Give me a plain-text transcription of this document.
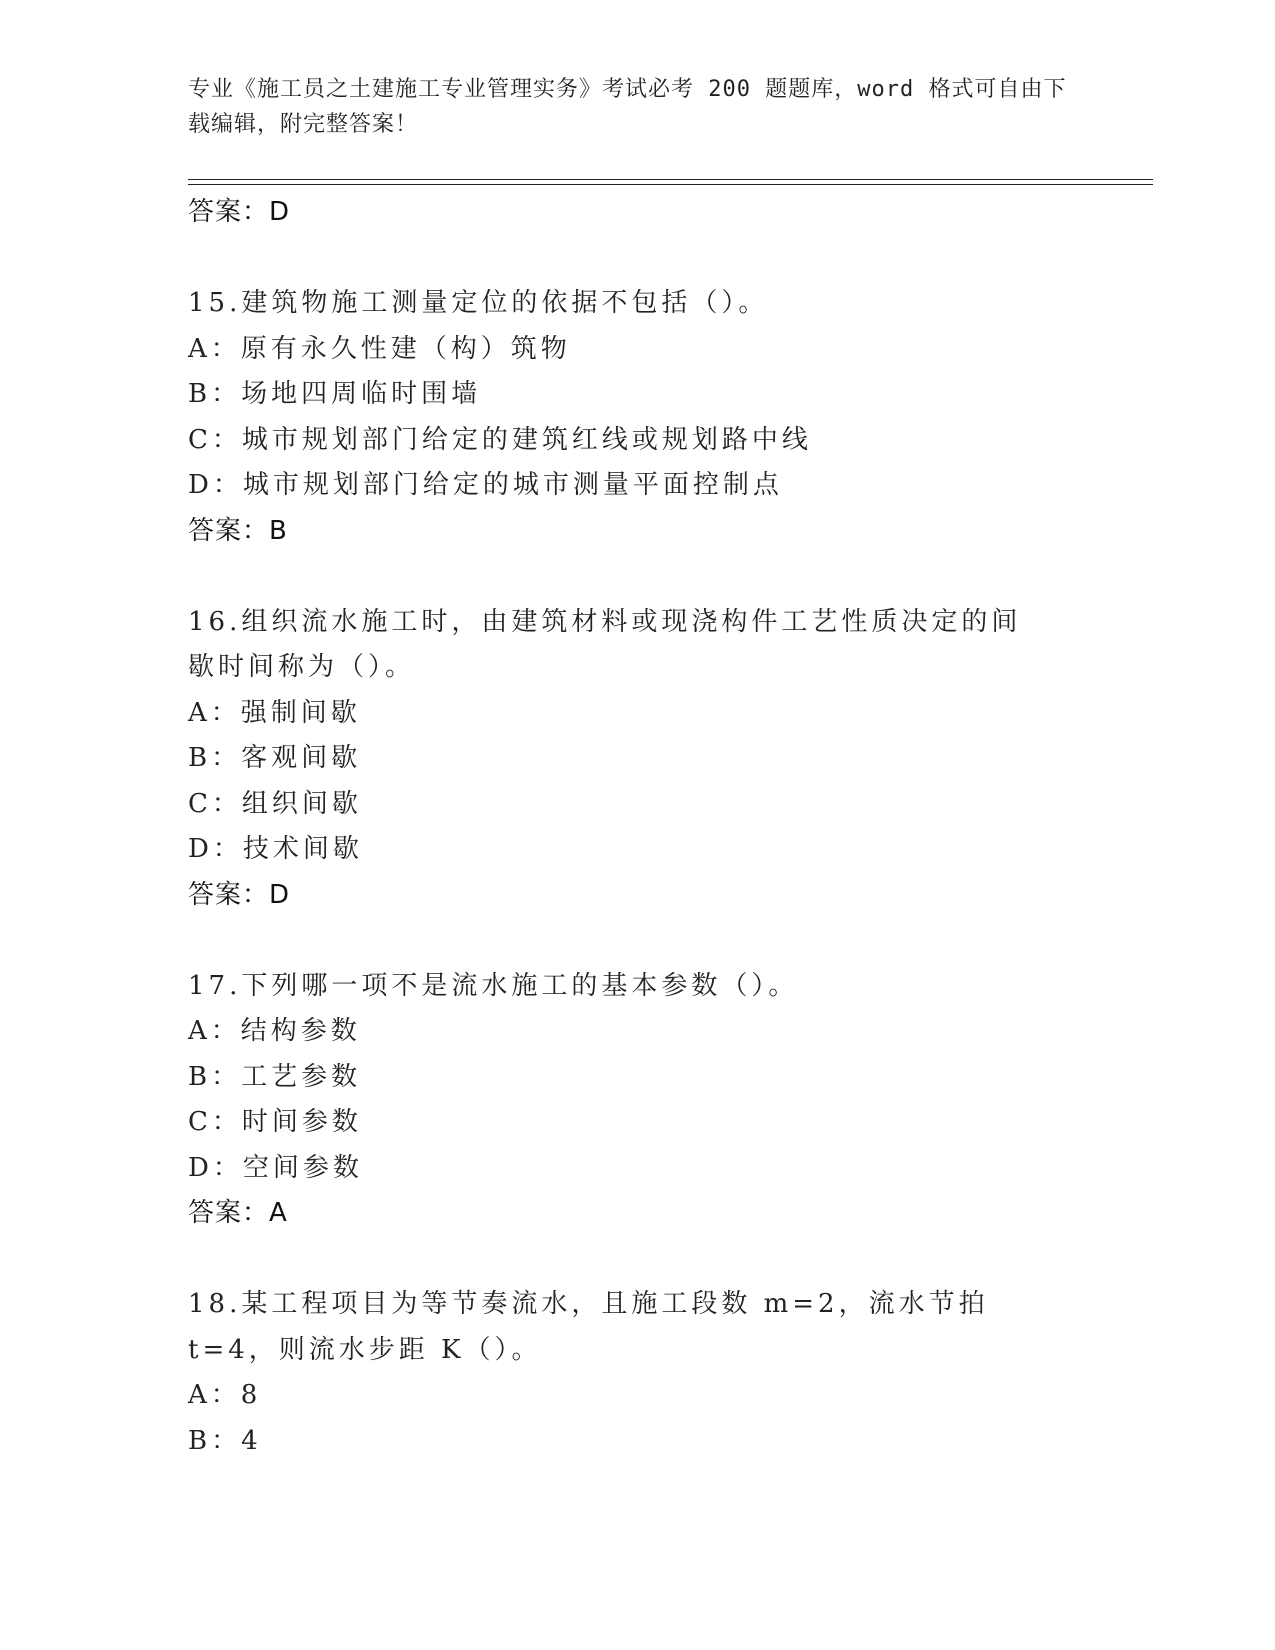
专业《施工员之土建施工专业管理实务》考试必考 200 题题库，word 格式可自由下载编辑，附完整答案！
答案：D
15.建筑物施工测量定位的依据不包括（）。
A：原有永久性建（构）筑物
B：场地四周临时围墙
C：城市规划部门给定的建筑红线或规划路中线
D：城市规划部门给定的城市测量平面控制点
答案：B
16.组织流水施工时，由建筑材料或现浇构件工艺性质决定的间歇时间称为（）。
A：强制间歇
B：客观间歇
C：组织间歇
D：技术间歇
答案：D
17.下列哪一项不是流水施工的基本参数（）。
A：结构参数
B：工艺参数
C：时间参数
D：空间参数
答案：A
18.某工程项目为等节奏流水，且施工段数 m=2，流水节拍 t=4，则流水步距 K（）。
A：8
B：4
